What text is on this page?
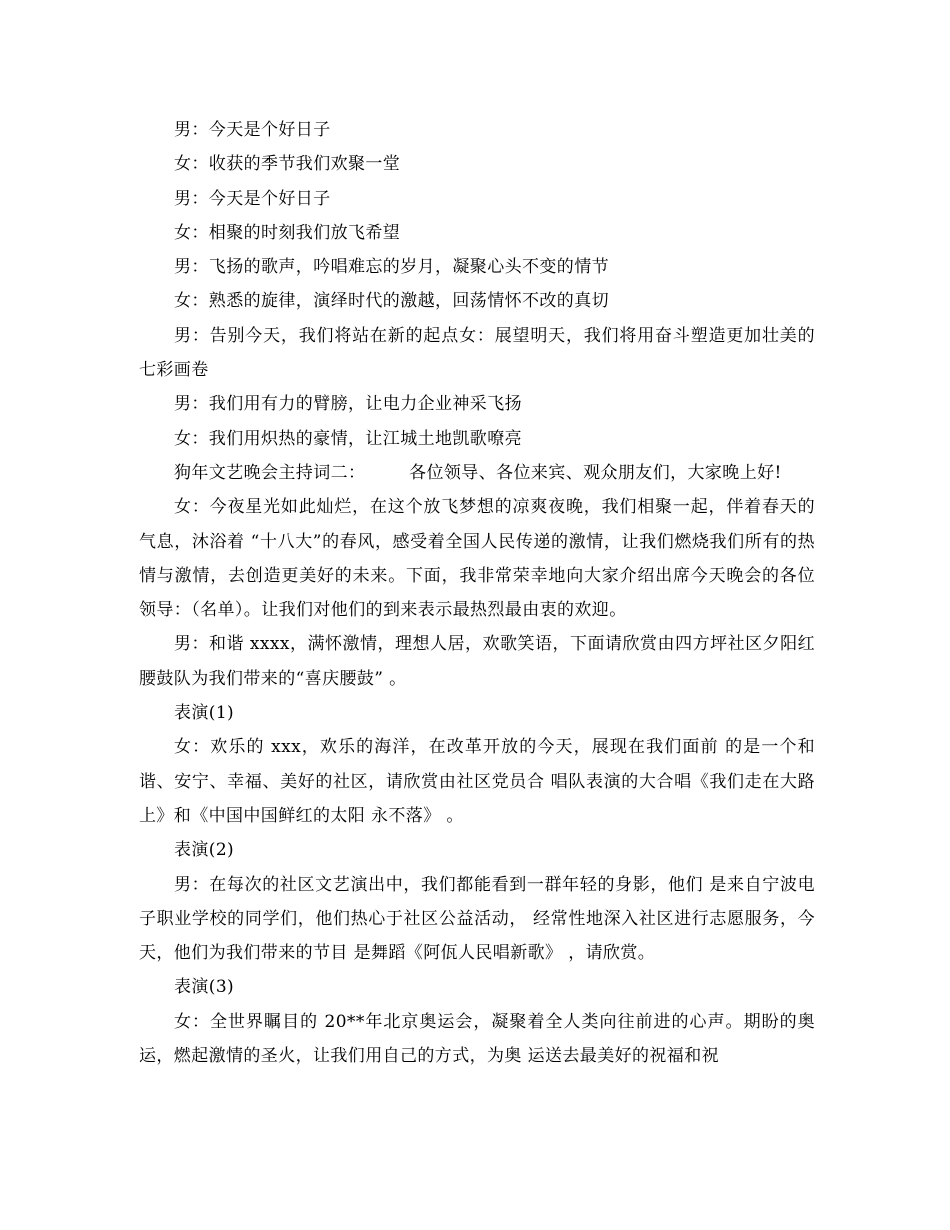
男：今天是个好日子

女：收获的季节我们欢聚一堂

男：今天是个好日子

女：相聚的时刻我们放飞希望

男：飞扬的歌声，吟唱难忘的岁月，凝聚心头不变的情节

女：熟悉的旋律，演绎时代的激越，回荡情怀不改的真切

男：告别今天，我们将站在新的起点女：展望明天，我们将用奋斗塑造更加壮美的七彩画卷

男：我们用有力的臂膀，让电力企业神采飞扬

女：我们用炽热的豪情，让江城土地凯歌嘹亮

狗年文艺晚会主持词二：　　　各位领导、各位来宾、观众朋友们，大家晚上好!

女：今夜星光如此灿烂，在这个放飞梦想的凉爽夜晚，我们相聚一起，伴着春天的气息，沐浴着 “十八大”的春风，感受着全国人民传递的激情，让我们燃烧我们所有的热情与激情，去创造更美好的未来。下面，我非常荣幸地向大家介绍出席今天晚会的各位领导：（名单）。让我们对他们的到来表示最热烈最由衷的欢迎。

男：和谐 xxxx，满怀激情，理想人居，欢歌笑语，下面请欣赏由四方坪社区夕阳红腰鼓队为我们带来的“喜庆腰鼓” 。

表演(1)

女：欢乐的 xxx，欢乐的海洋，在改革开放的今天，展现在我们面前 的是一个和谐、安宁、幸福、美好的社区，请欣赏由社区党员合 唱队表演的大合唱《我们走在大路上》和《中国中国鲜红的太阳 永不落》 。

表演(2)

男：在每次的社区文艺演出中，我们都能看到一群年轻的身影，他们 是来自宁波电子职业学校的同学们，他们热心于社区公益活动， 经常性地深入社区进行志愿服务，今天，他们为我们带来的节目 是舞蹈《阿佤人民唱新歌》 ，请欣赏。

表演(3)

女：全世界瞩目的 20**年北京奥运会，凝聚着全人类向往前进的心声。期盼的奥运，燃起激情的圣火，让我们用自己的方式，为奥 运送去最美好的祝福和祝
